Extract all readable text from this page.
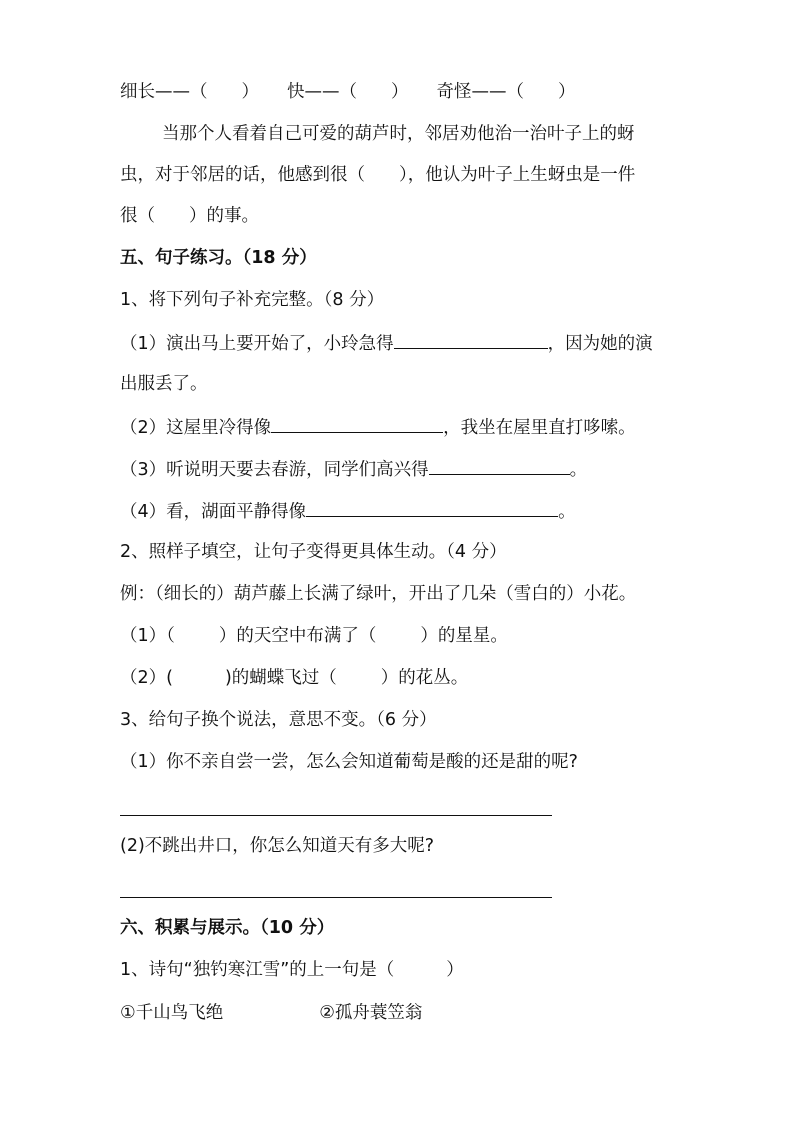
细长——（ ） 快——（ ） 奇怪——（ ）
当那个人看着自己可爱的葫芦时，邻居劝他治一治叶子上的蚜
虫，对于邻居的话，他感到很（ ），他认为叶子上生蚜虫是一件
很（ ）的事。
五、句子练习。（18 分）
1、将下列句子补充完整。（8 分）
（1）演出马上要开始了，小玲急得	，因为她的演
出服丢了。
（2）这屋里冷得像	，我坐在屋里直打哆嗦。
（3）听说明天要去春游，同学们高兴得	。
（4）看，湖面平静得像	。
2、照样子填空，让句子变得更具体生动。（4 分）
例：（细长的）葫芦藤上长满了绿叶，开出了几朵（雪白的）小花。
（1）（	）的天空中布满了（	）的星星。
（2）(	)的蝴蝶飞过（	）的花丛。
3、给句子换个说法，意思不变。（6 分）
（1）你不亲自尝一尝，怎么会知道葡萄是酸的还是甜的呢?
(2)不跳出井口，你怎么知道天有多大呢?
六、积累与展示。（10 分）
1、诗句“独钓寒江雪”的上一句是（	）
①千山鸟飞绝	②孤舟蓑笠翁
